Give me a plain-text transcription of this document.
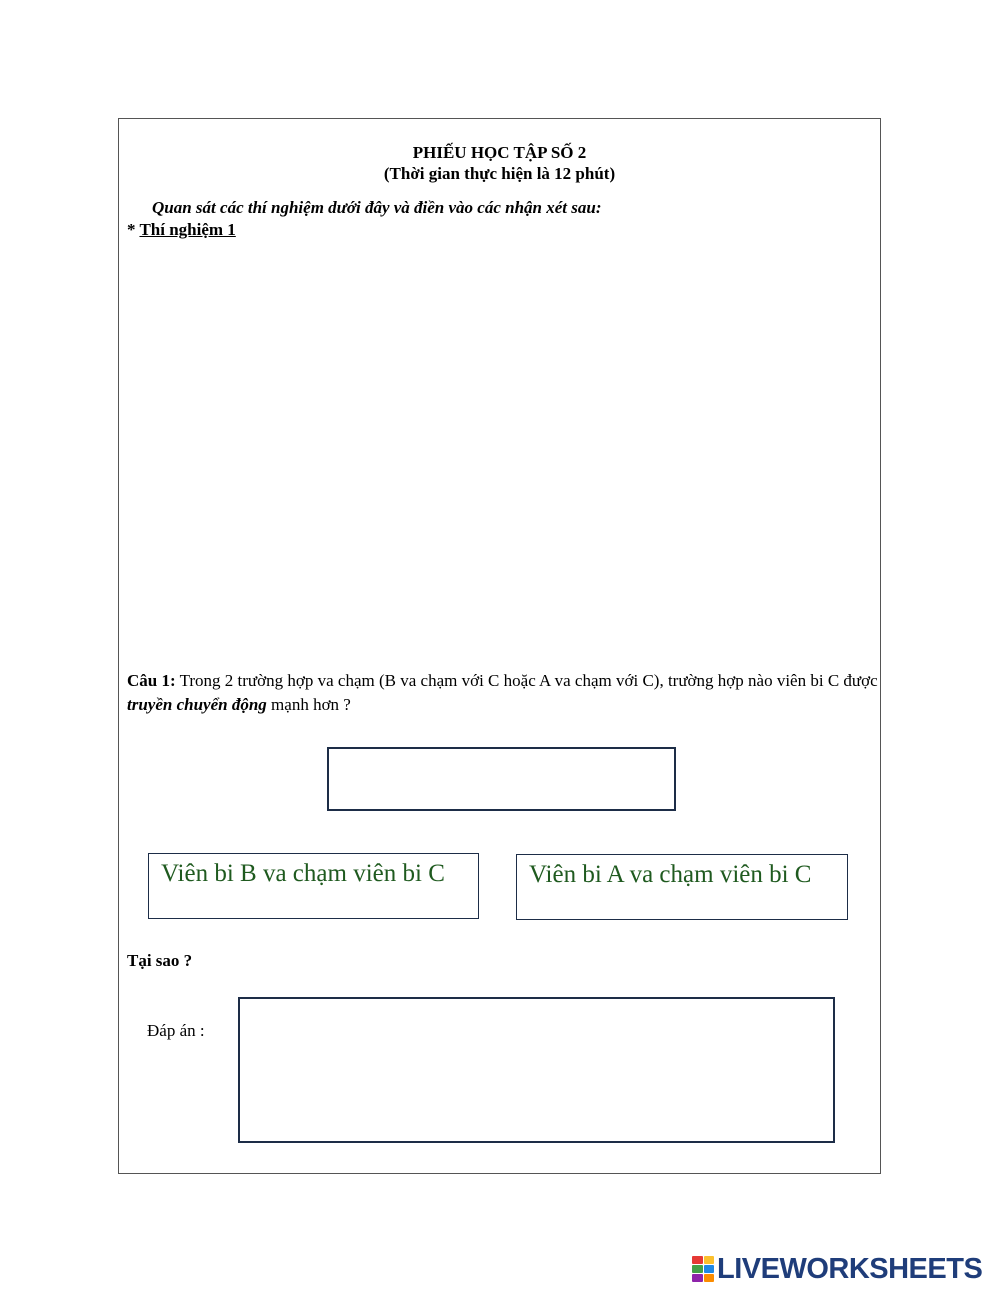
PHIẾU HỌC TẬP SỐ 2
(Thời gian thực hiện là 12 phút)
Quan sát các thí nghiệm dưới đây và điền vào các nhận xét sau:
* Thí nghiệm 1
Câu 1: Trong 2 trường hợp va chạm (B va chạm với C hoặc A va chạm với C), trường hợp nào viên bi C được truyền chuyển động mạnh hơn ?
Viên bi B va chạm viên bi C	Viên bi A va chạm viên bi C
Tại sao ?
Đáp án :
LIVEWORKSHEETS
